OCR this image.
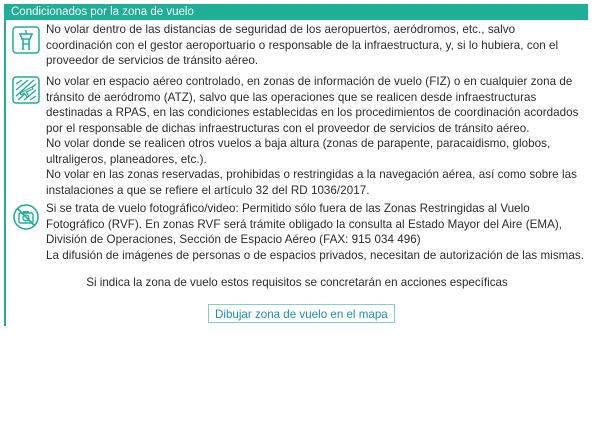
Condicionados por la zona de vuelo

No volar dentro de las distancias de seguridad de los aeropuertos, aeródromos, etc., salvo coordinación con el gestor aeroportuario o responsable de la infraestructura, y, si lo hubiera, con el proveedor de servicios de tránsito aéreo.

No volar en espacio aéreo controlado, en zonas de información de vuelo (FIZ) o en cualquier zona de tránsito de aeródromo (ATZ), salvo que las operaciones que se realicen desde infraestructuras destinadas a RPAS, en las condiciones establecidas en los procedimientos de coordinación acordados por el responsable de dichas infraestructuras con el proveedor de servicios de tránsito aéreo.

No volar donde se realicen otros vuelos a baja altura (zonas de parapente, paracaidismo, globos, ultraligeros, planeadores, etc.).

No volar en las zonas reservadas, prohibidas o restringidas a la navegación aérea, así como sobre las instalaciones a que se refiere el artículo 32 del RD 1036/2017.

Si se trata de vuelo fotográfico/video: Permitido sólo fuera de las Zonas Restringidas al Vuelo Fotográfico (RVF). En zonas RVF será trámite obligado la consulta al Estado Mayor del Aire (EMA), División de Operaciones, Sección de Espacio Aéreo (FAX: 915 034 496)

La difusión de imágenes de personas o de espacios privados, necesitan de autorización de las mismas.

Si indica la zona de vuelo estos requisitos se concretarán en acciones específicas
Dibujar zona de vuelo en el mapa
